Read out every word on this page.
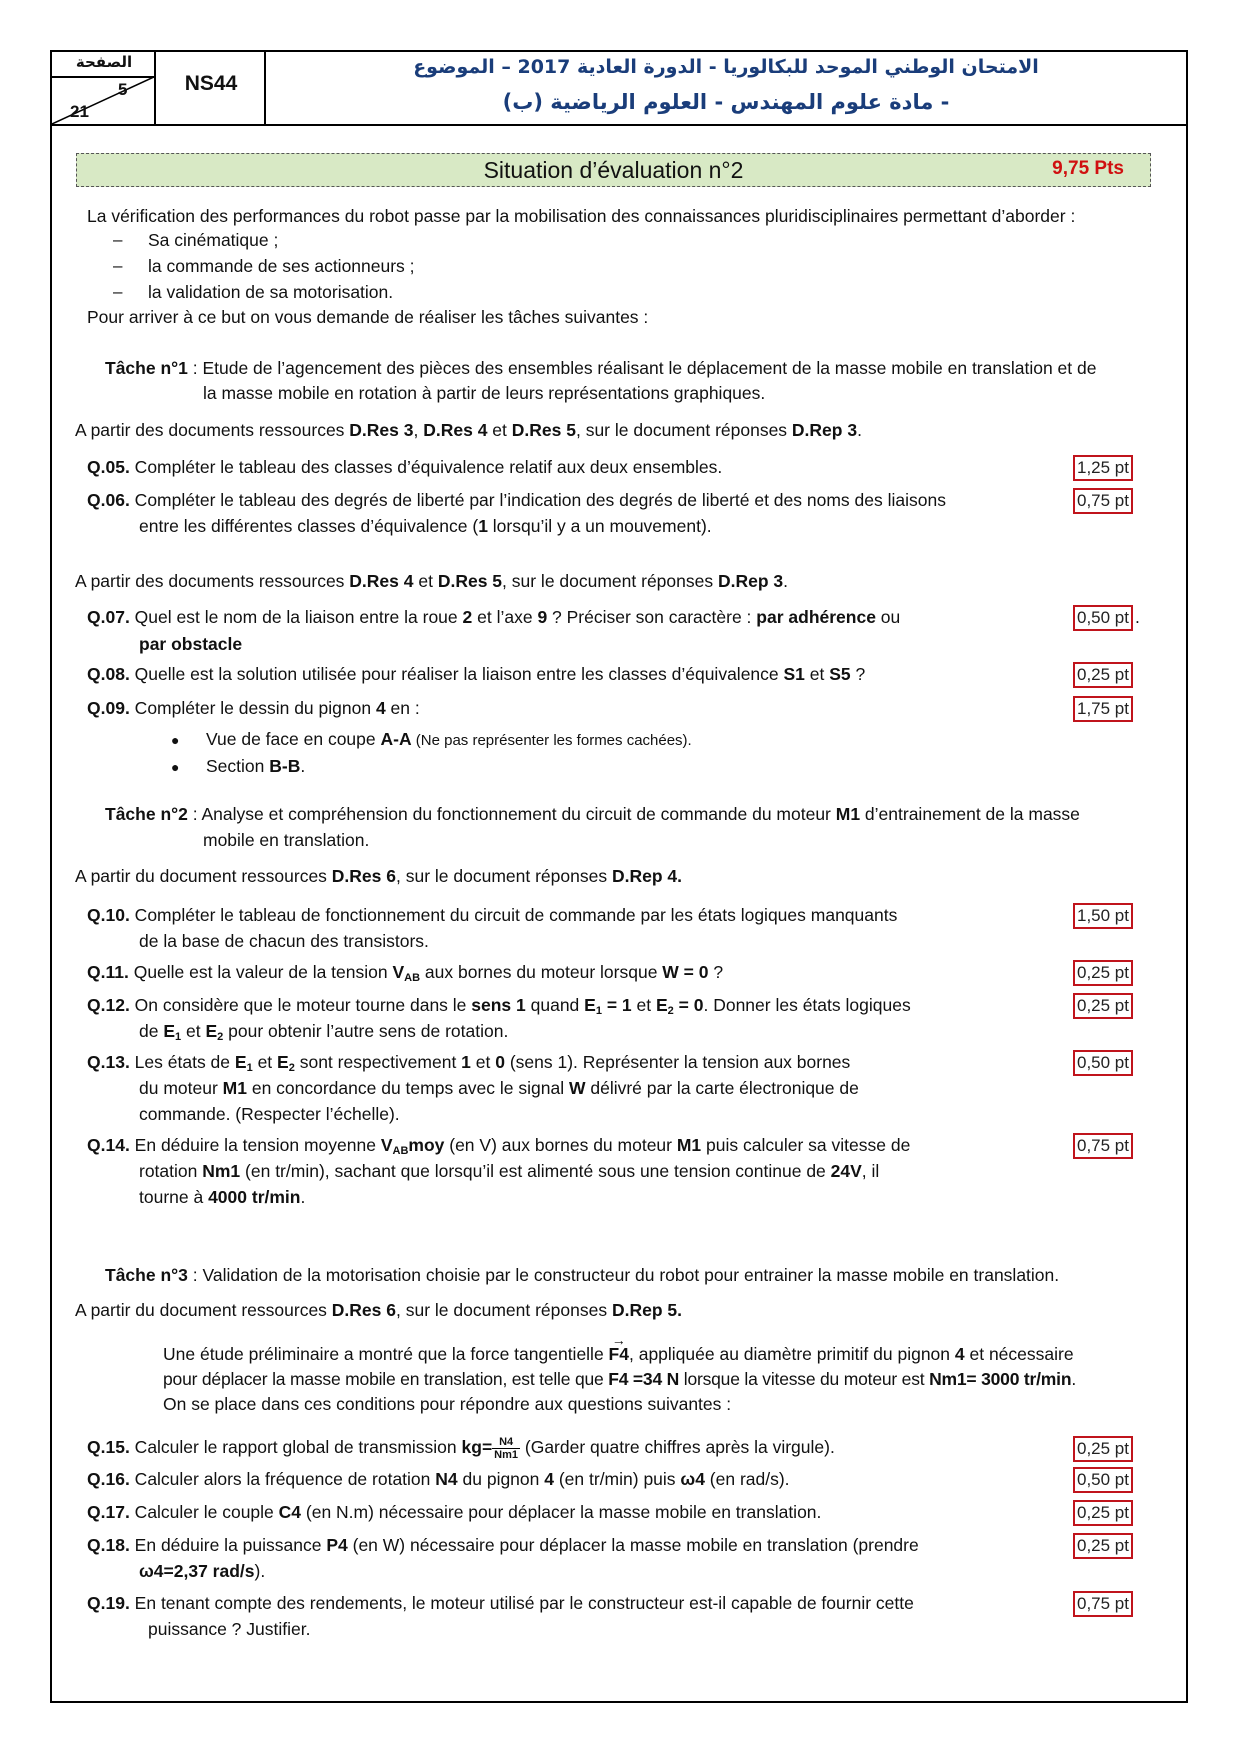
الصفحة
5
21
NS44
الامتحان الوطني الموحد للبكالوريا - الدورة العادية 2017 – الموضوع
- مادة علوم المهندس - العلوم الرياضية (ب)
Situation d’évaluation n°2	9,75 Pts
La vérification des performances du robot passe par la mobilisation des connaissances pluridisciplinaires permettant d’aborder :
– Sa cinématique ;
– la commande de ses actionneurs ;
– la validation de sa motorisation.
Pour arriver à ce but on vous demande de réaliser les tâches suivantes :
Tâche n°1 : Etude de l’agencement des pièces des ensembles réalisant le déplacement de la masse mobile en translation et de
la masse mobile en rotation à partir de leurs représentations graphiques.
A partir des documents ressources D.Res 3, D.Res 4 et D.Res 5, sur le document réponses D.Rep 3.
Q.05. Compléter le tableau des classes d’équivalence relatif aux deux ensembles.	1,25 pt
Q.06. Compléter le tableau des degrés de liberté par l’indication des degrés de liberté et des noms des liaisons
entre les différentes classes d’équivalence (1 lorsqu’il y a un mouvement).
0,75 pt
A partir des documents ressources D.Res 4 et D.Res 5, sur le document réponses D.Rep 3.
Q.07. Quel est le nom de la liaison entre la roue 2 et l’axe 9 ? Préciser son caractère : par adhérence ou
par obstacle
0,50 pt .
Q.08. Quelle est la solution utilisée pour réaliser la liaison entre les classes d’équivalence S1 et S5 ?	0,25 pt
Q.09. Compléter le dessin du pignon 4 en :	1,75 pt
● Vue de face en coupe A-A (Ne pas représenter les formes cachées).
● Section B-B.
Tâche n°2 : Analyse et compréhension du fonctionnement du circuit de commande du moteur M1 d’entrainement de la masse
mobile en translation.
A partir du document ressources D.Res 6, sur le document réponses D.Rep 4.
Q.10. Compléter le tableau de fonctionnement du circuit de commande par les états logiques manquants
de la base de chacun des transistors.
1,50 pt
Q.11. Quelle est la valeur de la tension $V_{AB}$ aux bornes du moteur lorsque W = 0 ?	0,25 pt
Q.12. On considère que le moteur tourne dans le sens 1 quand $E_1 = 1$ et $E_2 = 0$. Donner les états logiques
de $E_1$ et $E_2$ pour obtenir l’autre sens de rotation.
0,25 pt
Q.13. Les états de $E_1$ et $E_2$ sont respectivement 1 et 0 (sens 1). Représenter la tension aux bornes
du moteur M1 en concordance du temps avec le signal W délivré par la carte électronique de
commande. (Respecter l’échelle).
0,50 pt
Q.14. En déduire la tension moyenne $V_{AB}moy$ (en V) aux bornes du moteur M1 puis calculer sa vitesse de
rotation Nm1 (en tr/min), sachant que lorsqu’il est alimenté sous une tension continue de 24V, il
tourne à 4000 tr/min.
0,75 pt
Tâche n°3 : Validation de la motorisation choisie par le constructeur du robot pour entrainer la masse mobile en translation.
A partir du document ressources D.Res 6, sur le document réponses D.Rep 5.
Une étude préliminaire a montré que la force tangentielle → F4, appliquée au diamètre primitif du pignon 4 et nécessaire
pour déplacer la masse mobile en translation, est telle que F4 =34 N lorsque la vitesse du moteur est Nm1= 3000 tr/min.
On se place dans ces conditions pour répondre aux questions suivantes :
Q.15. Calculer le rapport global de transmission $kg= \frac{N4}{Nm1}$ (Garder quatre chiffres après la virgule).	0,25 pt
Q.16. Calculer alors la fréquence de rotation N4 du pignon 4 (en tr/min) puis ω4 (en rad/s).	0,50 pt
Q.17. Calculer le couple C4 (en N.m) nécessaire pour déplacer la masse mobile en translation.	0,25 pt
Q.18. En déduire la puissance P4 (en W) nécessaire pour déplacer la masse mobile en translation (prendre
ω4=2,37 rad/s).
0,25 pt
Q.19. En tenant compte des rendements, le moteur utilisé par le constructeur est-il capable de fournir cette
puissance ? Justifier.
0,75 pt
